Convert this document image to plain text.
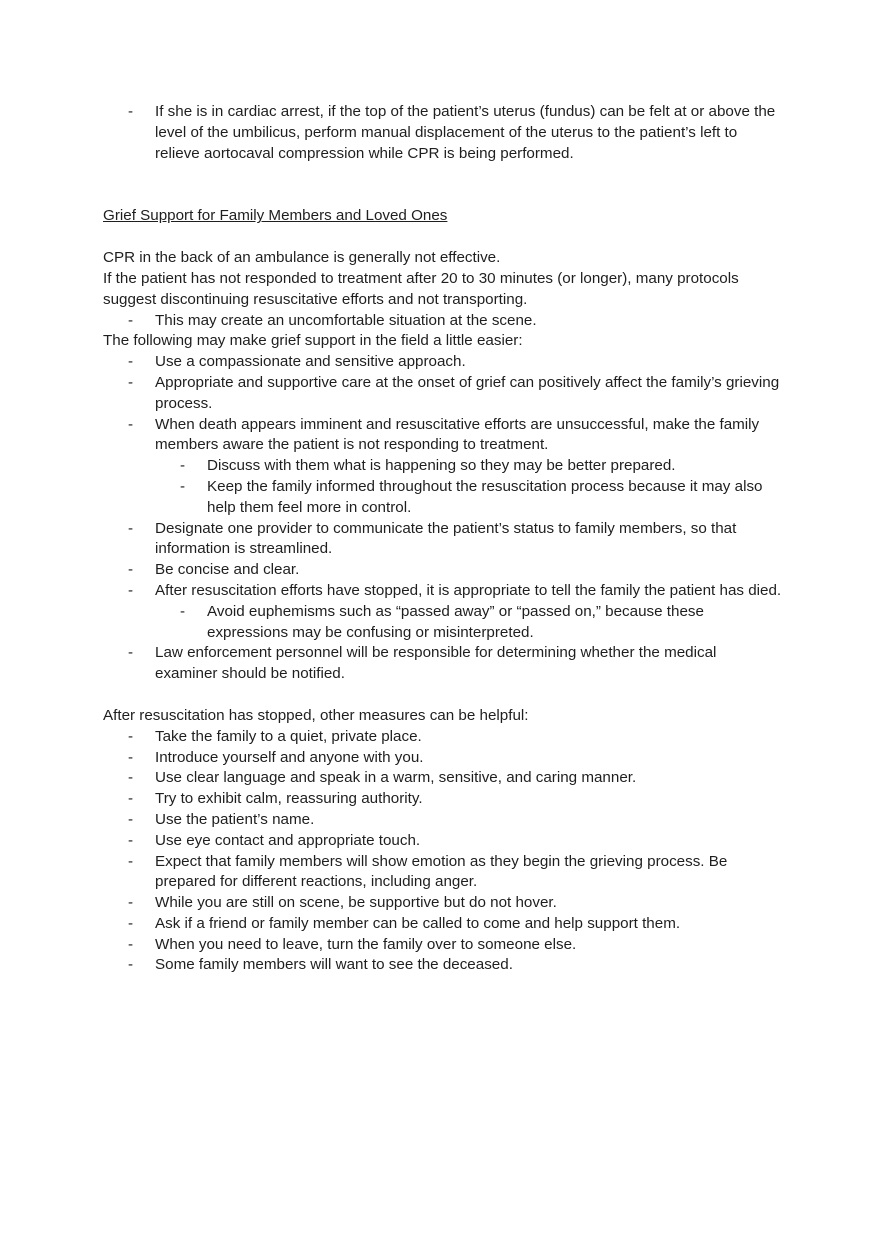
-	If she is in cardiac arrest, if the top of the patient’s uterus (fundus) can be felt at or above the level of the umbilicus, perform manual displacement of the uterus to the patient’s left to relieve aortocaval compression while CPR is being performed.

Grief Support for Family Members and Loved Ones

CPR in the back of an ambulance is generally not effective.

If the patient has not responded to treatment after 20 to 30 minutes (or longer), many protocols suggest discontinuing resuscitative efforts and not transporting.

-	This may create an uncomfortable situation at the scene.

The following may make grief support in the field a little easier:

-	Use a compassionate and sensitive approach.
-	Appropriate and supportive care at the onset of grief can positively affect the family’s grieving process.
-	When death appears imminent and resuscitative efforts are unsuccessful, make the family members aware the patient is not responding to treatment.
-	Discuss with them what is happening so they may be better prepared.
-	Keep the family informed throughout the resuscitation process because it may also help them feel more in control.
-	Designate one provider to communicate the patient’s status to family members, so that information is streamlined.
-	Be concise and clear.
-	After resuscitation efforts have stopped, it is appropriate to tell the family the patient has died.
-	Avoid euphemisms such as “passed away” or “passed on,” because these expressions may be confusing or misinterpreted.
-	Law enforcement personnel will be responsible for determining whether the medical examiner should be notified.

After resuscitation has stopped, other measures can be helpful:

-	Take the family to a quiet, private place.
-	Introduce yourself and anyone with you.
-	Use clear language and speak in a warm, sensitive, and caring manner.
-	Try to exhibit calm, reassuring authority.
-	Use the patient’s name.
-	Use eye contact and appropriate touch.
-	Expect that family members will show emotion as they begin the grieving process. Be prepared for different reactions, including anger.
-	While you are still on scene, be supportive but do not hover.
-	Ask if a friend or family member can be called to come and help support them.
-	When you need to leave, turn the family over to someone else.
-	Some family members will want to see the deceased.
